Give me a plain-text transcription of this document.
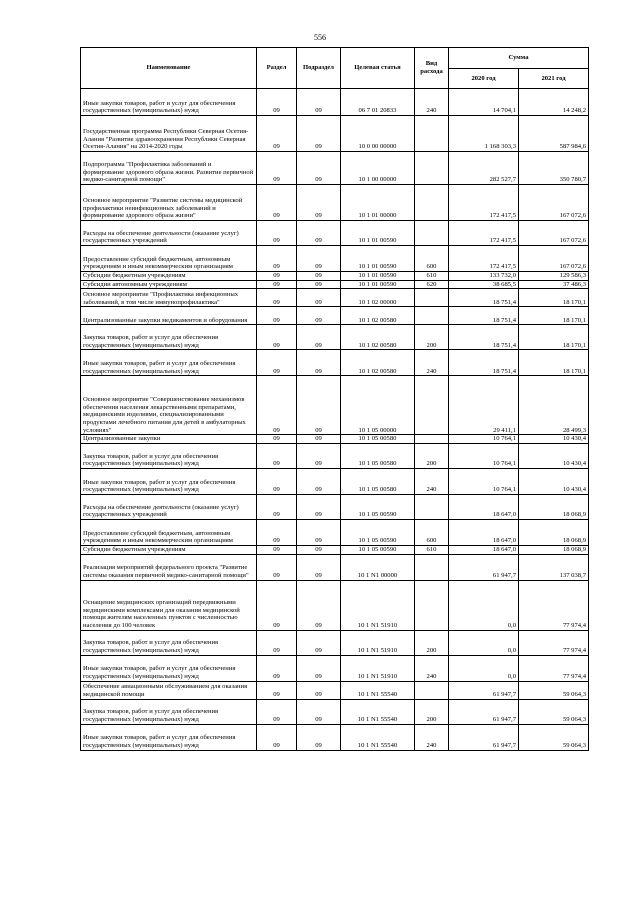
556
Наименование	Раздел	Подраздел	Целевая статья	Вид расхода	Сумма	
					2020 год	2021 год
Иные закупки товаров, работ и услуг для обеспечения государственных (муниципальных) нужд	09	09	06 7 01 20833	240	14 704,1	14 248,2
Государственная программа Республики Северная Осетия-Алания "Развитие здравоохранения Республики Северная Осетия-Алания" на 2014-2020 годы	09	09	10 0 00 00000		1 168 303,3	587 984,6
Подпрограмма "Профилактика заболеваний и формирование здорового образа жизни. Развитие первичной медико-санитарной помощи"	09	09	10 1 00 00000		282 527,7	350 780,7
Основное мероприятие "Развитие системы медицинской профилактики неинфекционных заболеваний и формирование здорового образа жизни"	09	09	10 1 01 00000		172 417,5	167 072,6
Расходы на обеспечение деятельности (оказание услуг) государственных учреждений	09	09	10 1 01 00590		172 417,5	167 072,6
Предоставление субсидий бюджетным, автономным учреждениям и иным некоммерческим организациям	09	09	10 1 01 00590	600	172 417,5	167 072,6
Субсидии бюджетным учреждениям	09	09	10 1 01 00590	610	133 732,0	129 586,3
Субсидии автономным учреждениям	09	09	10 1 01 00590	620	38 685,5	37 486,3
Основное мероприятие "Профилактика инфекционных заболеваний, в том числе иммунопрофилактика"	09	09	10 1 02 00000		18 751,4	18 170,1
Централизованные закупки медикаментов и оборудования	09	09	10 1 02 00580		18 751,4	18 170,1
Закупка товаров, работ и услуг для обеспечения государственных (муниципальных) нужд	09	09	10 1 02 00580	200	18 751,4	18 170,1
Иные закупки товаров, работ и услуг для обеспечения государственных (муниципальных) нужд	09	09	10 1 02 00580	240	18 751,4	18 170,1
Основное мероприятие "Совершенствование механизмов обеспечения населения лекарственными препаратами, медицинскими изделиями, специализированными продуктами лечебного питания для детей в амбулаторных условиях"	09	09	10 1 05 00000		29 411,1	28 499,3
Централизованные закупки	09	09	10 1 05 00580		10 764,1	10 430,4
Закупка товаров, работ и услуг для обеспечения государственных (муниципальных) нужд	09	09	10 1 05 00580	200	10 764,1	10 430,4
Иные закупки товаров, работ и услуг для обеспечения государственных (муниципальных) нужд	09	09	10 1 05 00580	240	10 764,1	10 430,4
Расходы на обеспечение деятельности (оказание услуг) государственных учреждений	09	09	10 1 05 00590		18 647,0	18 068,9
Предоставление субсидий бюджетным, автономным учреждениям и иным некоммерческим организациям	09	09	10 1 05 00590	600	18 647,0	18 068,9
Субсидии бюджетным учреждениям	09	09	10 1 05 00590	610	18 647,0	18 068,9
Реализация мероприятий федерального проекта "Развитие системы оказания первичной медико-санитарной помощи"	09	09	10 1 N1 00000		61 947,7	137 038,7
Оснащение медицинских организаций передвижными медицинскими комплексами для оказания медицинской помощи жителям населенных пунктов с численностью населения до 100 человек	09	09	10 1 N1 51910		0,0	77 974,4
Закупка товаров, работ и услуг для обеспечения государственных (муниципальных) нужд	09	09	10 1 N1 51910	200	0,0	77 974,4
Иные закупки товаров, работ и услуг для обеспечения государственных (муниципальных) нужд	09	09	10 1 N1 51910	240	0,0	77 974,4
Обеспечение авиационными обслуживанием для оказания медицинской помощи	09	09	10 1 N1 55540		61 947,7	59 064,3
Закупка товаров, работ и услуг для обеспечения государственных (муниципальных) нужд	09	09	10 1 N1 55540	200	61 947,7	59 064,3
Иные закупки товаров, работ и услуг для обеспечения государственных (муниципальных) нужд	09	09	10 1 N1 55540	240	61 947,7	59 064,3
